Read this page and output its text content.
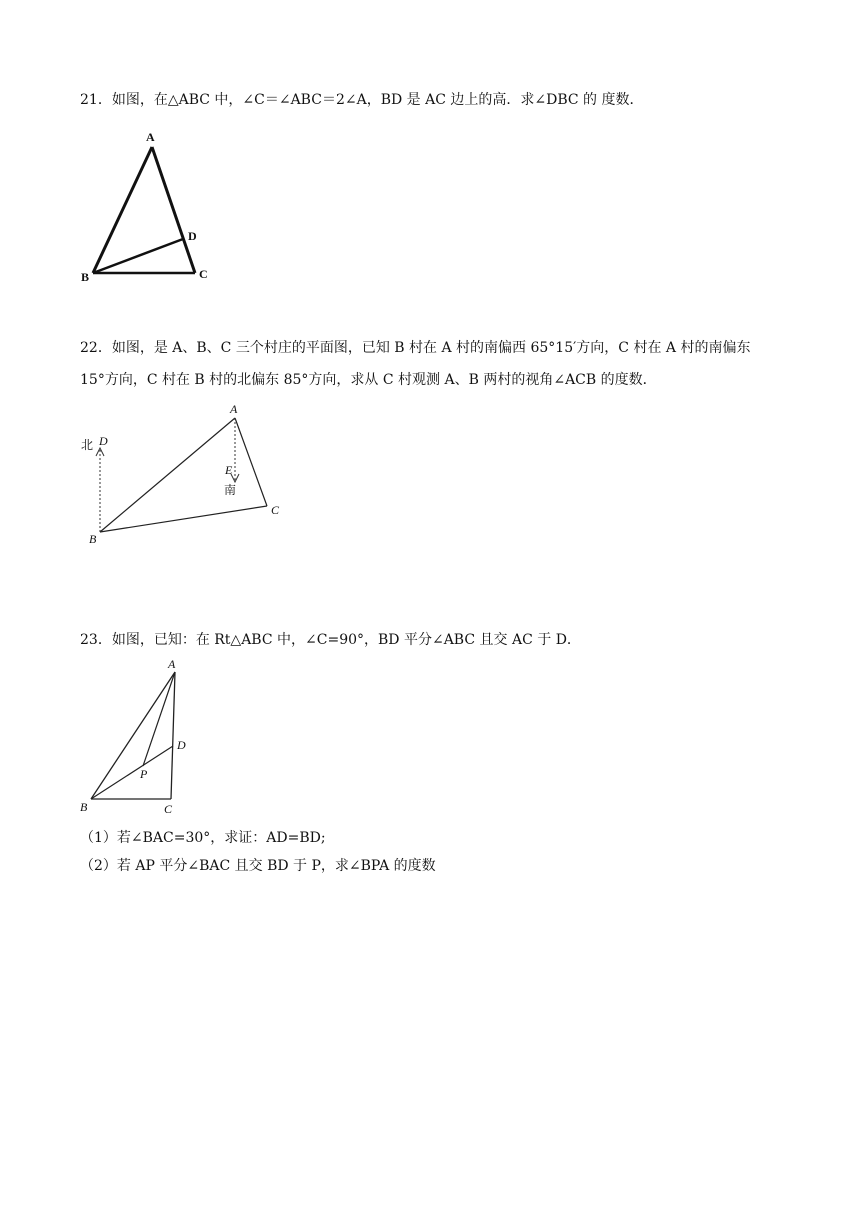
21．如图，在△ABC 中，∠C＝∠ABC＝2∠A，BD 是 AC 边上的高．求∠DBC 的 度数．
A
B	C
D
22．如图，是 A、B、C 三个村庄的平面图，已知 B 村在 A 村的南偏西 65°15′方向，C 村在 A 村的南偏东
15°方向，C 村在 B 村的北偏东 85°方向，求从 C 村观测 A、B 两村的视角∠ACB 的度数．
A
B
C
D
E
北
南
23．如图，已知：在 Rt△ABC 中，∠C=90°，BD 平分∠ABC 且交 AC 于 D．
A
B	C
D
P
（1）若∠BAC=30°，求证：AD=BD;
（2）若 AP 平分∠BAC 且交 BD 于 P，求∠BPA 的度数
